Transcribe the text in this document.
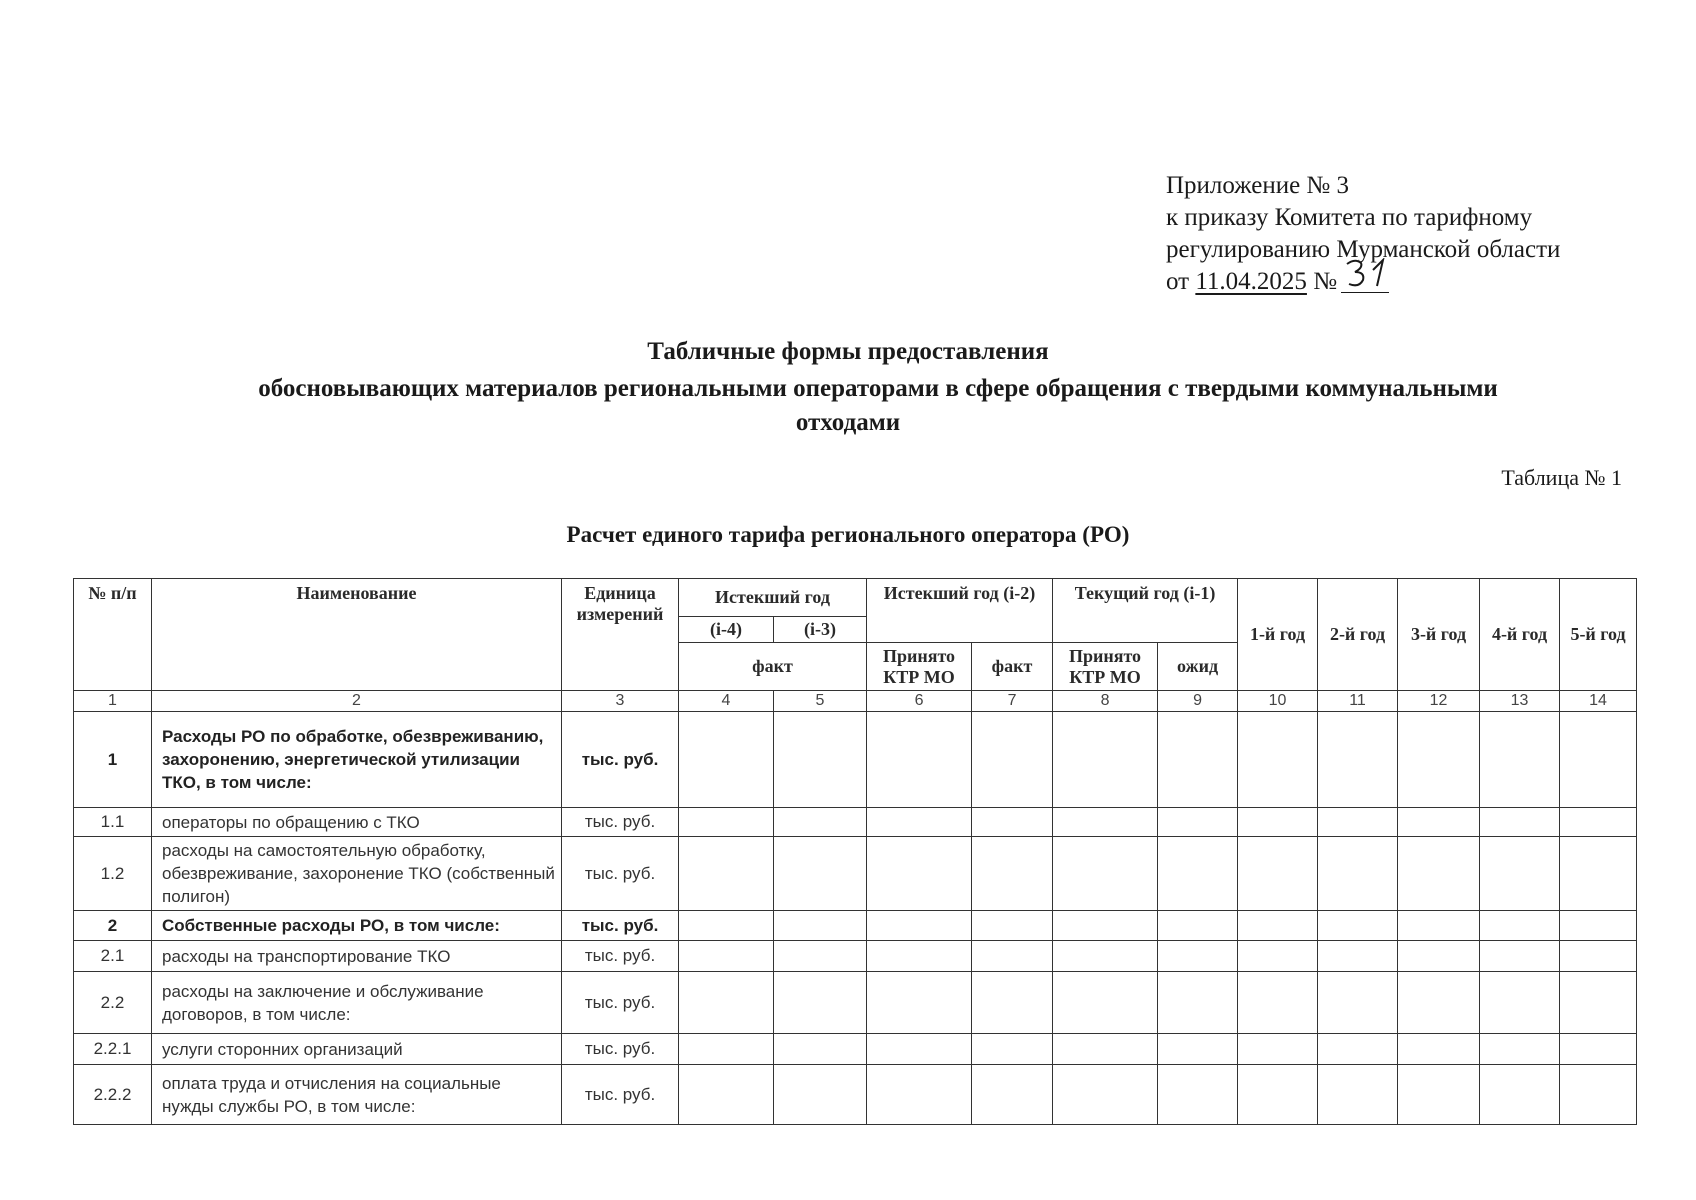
Приложение № 3
к приказу Комитета по тарифному
регулированию Мурманской области
от 11.04.2025 №
Табличные формы предоставления
обосновывающих материалов региональными операторами в сфере обращения с твердыми коммунальными
отходами
Таблица № 1
Расчет единого тарифа регионального оператора (РО)
№ п/п	Наименование	Единица измерений	Истекший год		Истекший год (i-2)		Текущий год (i-1)		1-й год	2-й год	3-й год	4-й год	5-й год
			(i-4)	(i-3)									
			факт		Принято КТР МО	факт	Принято КТР МО	ожид					
1	2	3	4	5	6	7	8	9	10	11	12	13	14
1	Расходы РО по обработке, обезвреживанию, захоронению, энергетической утилизации ТКО, в том числе:	тыс. руб.											
1.1	операторы по обращению с ТКО	тыс. руб.											
1.2	расходы на самостоятельную обработку, обезвреживание, захоронение ТКО (собственный полигон)	тыс. руб.											
2	Собственные расходы РО, в том числе:	тыс. руб.											
2.1	расходы на транспортирование ТКО	тыс. руб.											
2.2	расходы на заключение и обслуживание договоров, в том числе:	тыс. руб.											
2.2.1	услуги сторонних организаций	тыс. руб.											
2.2.2	оплата труда и отчисления на социальные нужды службы РО, в том числе:	тыс. руб.											
